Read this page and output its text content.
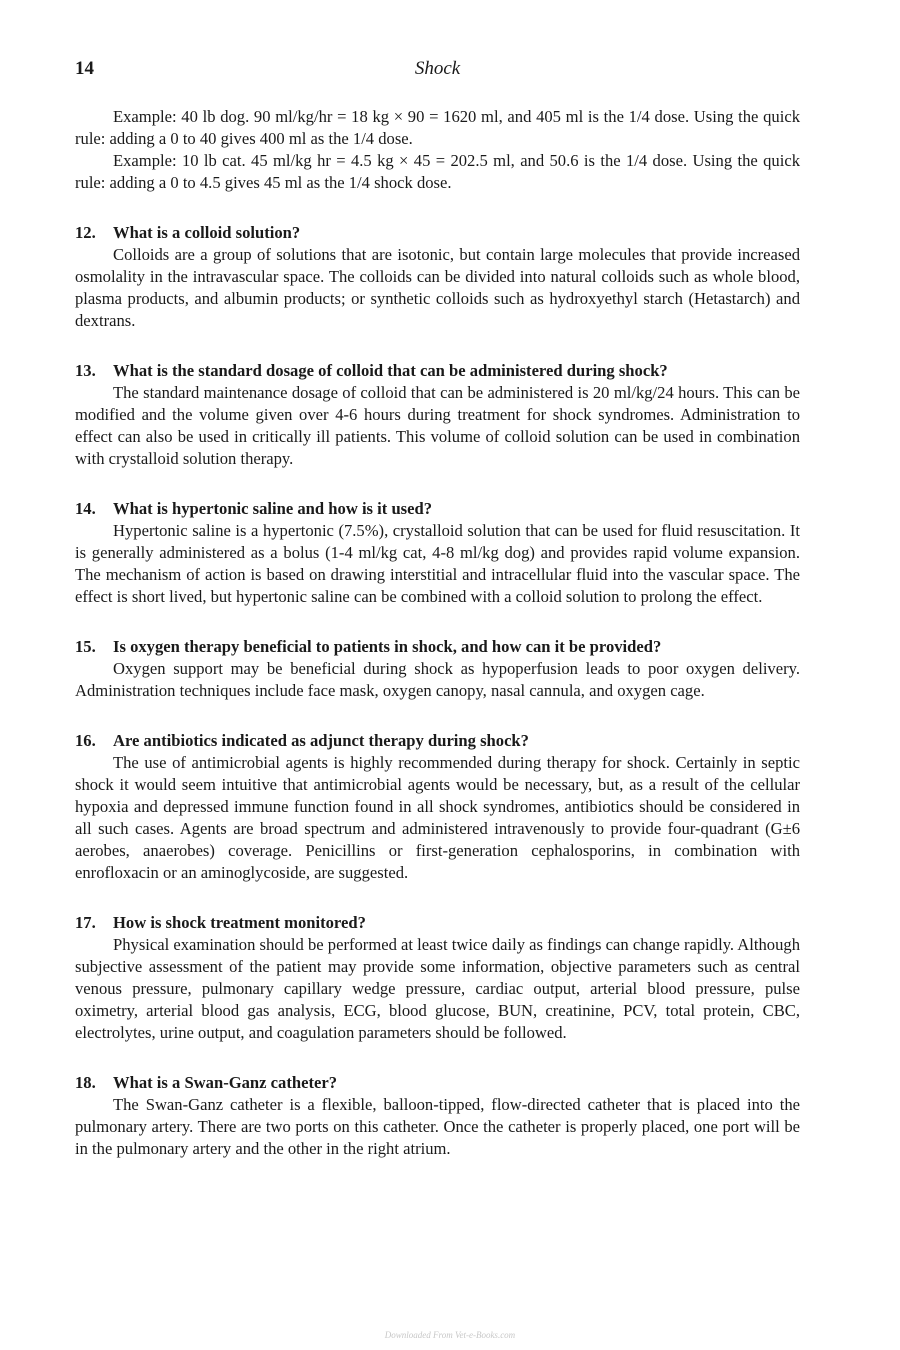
14	Shock

Example: 40 lb dog. 90 ml/kg/hr = 18 kg × 90 = 1620 ml, and 405 ml is the 1/4 dose. Using the quick rule: adding a 0 to 40 gives 400 ml as the 1/4 dose.

Example: 10 lb cat. 45 ml/kg hr = 4.5 kg × 45 = 202.5 ml, and 50.6 is the 1/4 dose. Using the quick rule: adding a 0 to 4.5 gives 45 ml as the 1/4 shock dose.

12.	What is a colloid solution?

Colloids are a group of solutions that are isotonic, but contain large molecules that provide increased osmolality in the intravascular space. The colloids can be divided into natural colloids such as whole blood, plasma products, and albumin products; or synthetic colloids such as hydroxyethyl starch (Hetastarch) and dextrans.

13.	What is the standard dosage of colloid that can be administered during shock?

The standard maintenance dosage of colloid that can be administered is 20 ml/kg/24 hours. This can be modified and the volume given over 4-6 hours during treatment for shock syndromes. Administration to effect can also be used in critically ill patients. This volume of colloid solution can be used in combination with crystalloid solution therapy.

14.	What is hypertonic saline and how is it used?

Hypertonic saline is a hypertonic (7.5%), crystalloid solution that can be used for fluid resuscitation. It is generally administered as a bolus (1-4 ml/kg cat, 4-8 ml/kg dog) and provides rapid volume expansion. The mechanism of action is based on drawing interstitial and intracellular fluid into the vascular space. The effect is short lived, but hypertonic saline can be combined with a colloid solution to prolong the effect.

15.	Is oxygen therapy beneficial to patients in shock, and how can it be provided?

Oxygen support may be beneficial during shock as hypoperfusion leads to poor oxygen delivery. Administration techniques include face mask, oxygen canopy, nasal cannula, and oxygen cage.

16.	Are antibiotics indicated as adjunct therapy during shock?

The use of antimicrobial agents is highly recommended during therapy for shock. Certainly in septic shock it would seem intuitive that antimicrobial agents would be necessary, but, as a result of the cellular hypoxia and depressed immune function found in all shock syndromes, antibiotics should be considered in all such cases. Agents are broad spectrum and administered intravenously to provide four-quadrant (G±6 aerobes, anaerobes) coverage. Penicillins or first-generation cephalosporins, in combination with enrofloxacin or an aminoglycoside, are suggested.

17.	How is shock treatment monitored?

Physical examination should be performed at least twice daily as findings can change rapidly. Although subjective assessment of the patient may provide some information, objective parameters such as central venous pressure, pulmonary capillary wedge pressure, cardiac output, arterial blood pressure, pulse oximetry, arterial blood gas analysis, ECG, blood glucose, BUN, creatinine, PCV, total protein, CBC, electrolytes, urine output, and coagulation parameters should be followed.

18.	What is a Swan-Ganz catheter?

The Swan-Ganz catheter is a flexible, balloon-tipped, flow-directed catheter that is placed into the pulmonary artery. There are two ports on this catheter. Once the catheter is properly placed, one port will be in the pulmonary artery and the other in the right atrium.

Downloaded From Vet-e-Books.com
